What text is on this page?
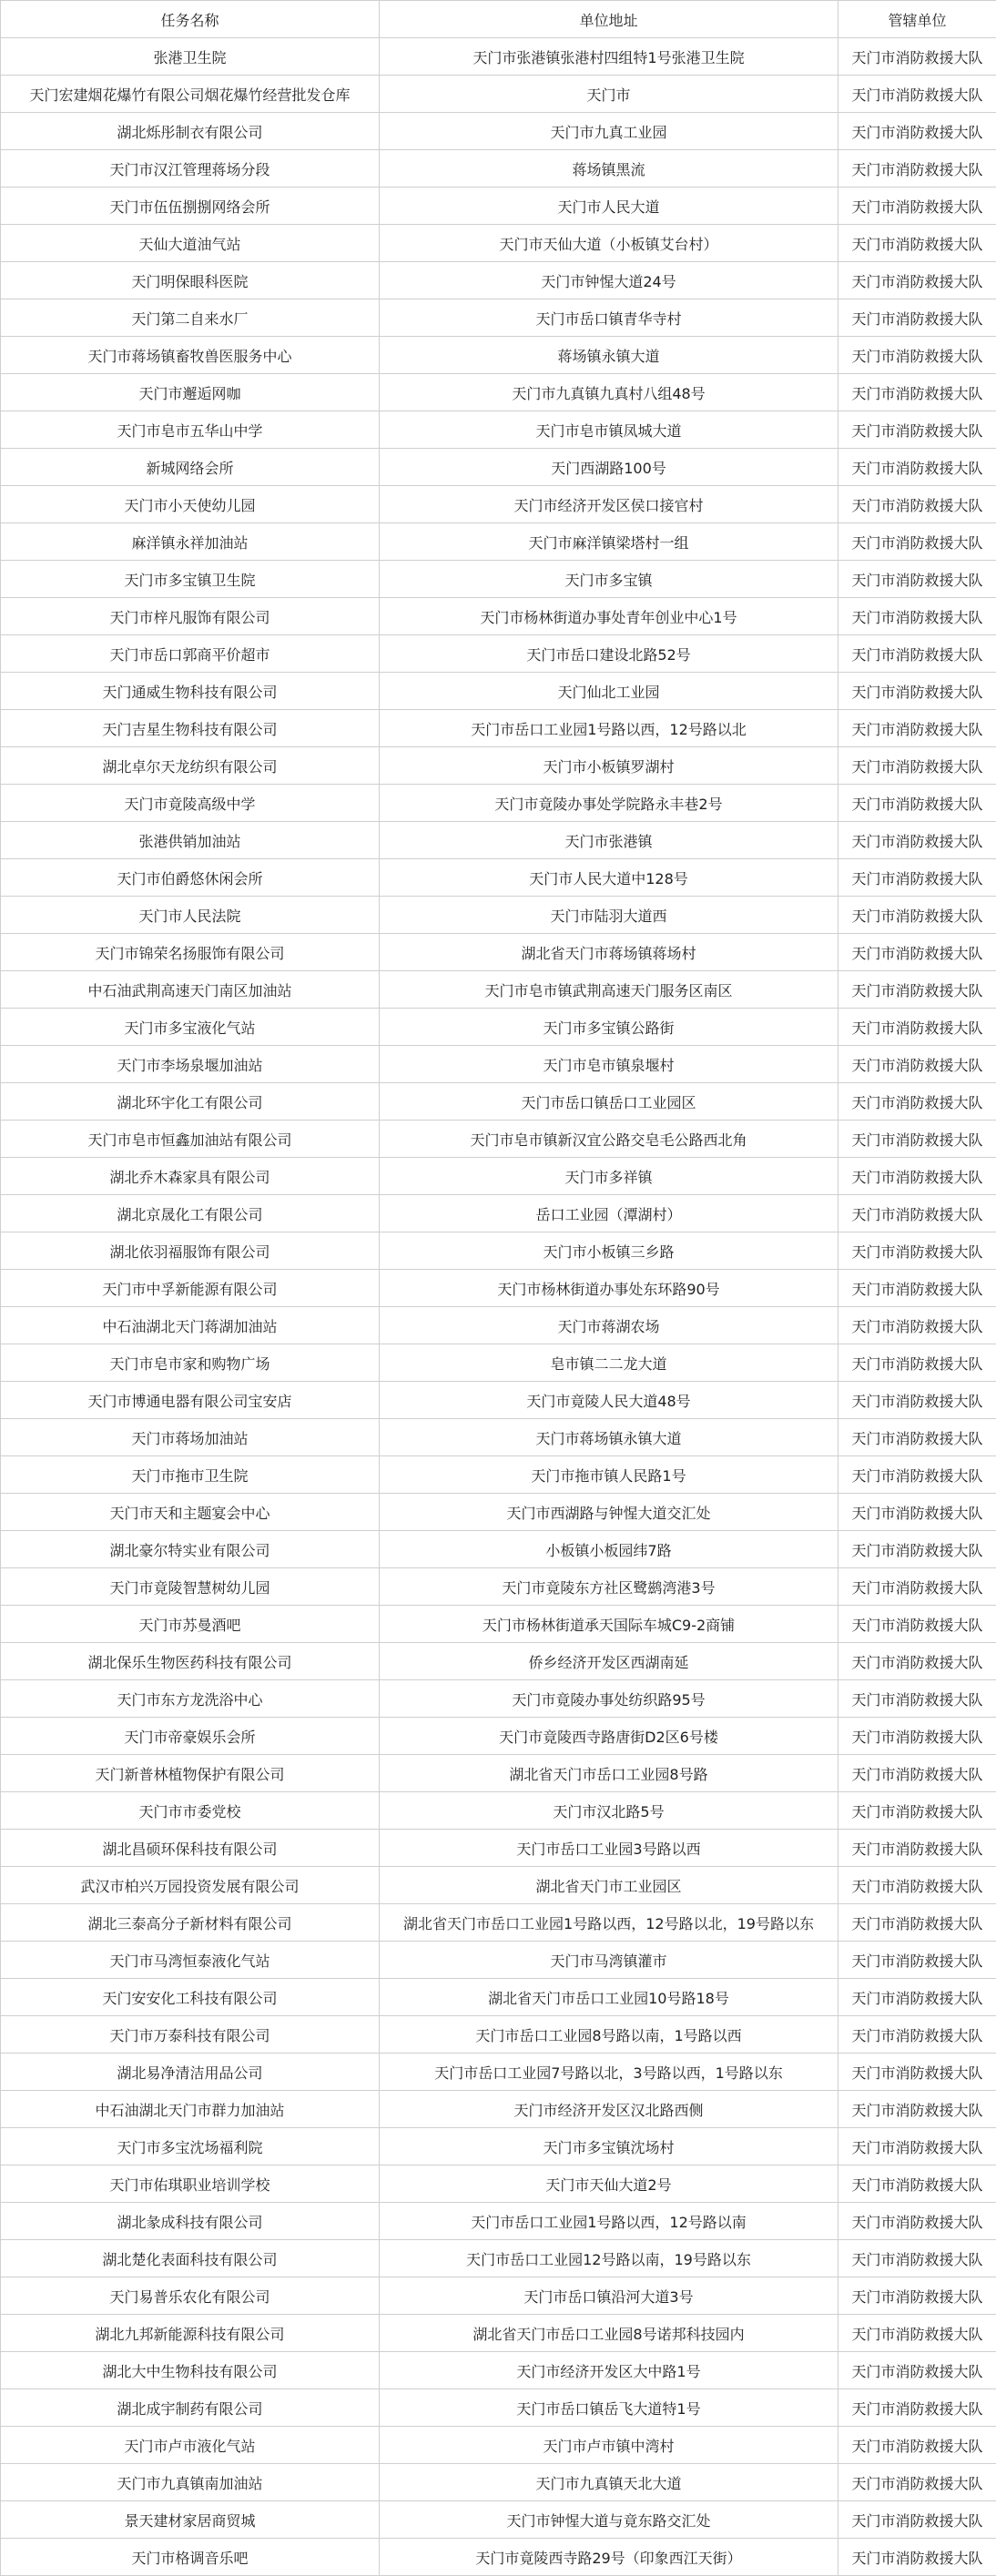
任务名称	单位地址	管辖单位
张港卫生院	天门市张港镇张港村四组特1号张港卫生院	天门市消防救援大队
天门宏建烟花爆竹有限公司烟花爆竹经营批发仓库	天门市	天门市消防救援大队
湖北烁彤制衣有限公司	天门市九真工业园	天门市消防救援大队
天门市汉江管理蒋场分段	蒋场镇黑流	天门市消防救援大队
天门市伍伍捌捌网络会所	天门市人民大道	天门市消防救援大队
天仙大道油气站	天门市天仙大道（小板镇艾台村）	天门市消防救援大队
天门明保眼科医院	天门市钟惺大道24号	天门市消防救援大队
天门第二自来水厂	天门市岳口镇青华寺村	天门市消防救援大队
天门市蒋场镇畜牧兽医服务中心	蒋场镇永镇大道	天门市消防救援大队
天门市邂逅网咖	天门市九真镇九真村八组48号	天门市消防救援大队
天门市皂市五华山中学	天门市皂市镇凤城大道	天门市消防救援大队
新城网络会所	天门西湖路100号	天门市消防救援大队
天门市小天使幼儿园	天门市经济开发区侯口接官村	天门市消防救援大队
麻洋镇永祥加油站	天门市麻洋镇梁塔村一组	天门市消防救援大队
天门市多宝镇卫生院	天门市多宝镇	天门市消防救援大队
天门市梓凡服饰有限公司	天门市杨林街道办事处青年创业中心1号	天门市消防救援大队
天门市岳口郭商平价超市	天门市岳口建设北路52号	天门市消防救援大队
天门通威生物科技有限公司	天门仙北工业园	天门市消防救援大队
天门吉星生物科技有限公司	天门市岳口工业园1号路以西，12号路以北	天门市消防救援大队
湖北卓尔天龙纺织有限公司	天门市小板镇罗湖村	天门市消防救援大队
天门市竟陵高级中学	天门市竟陵办事处学院路永丰巷2号	天门市消防救援大队
张港供销加油站	天门市张港镇	天门市消防救援大队
天门市伯爵悠休闲会所	天门市人民大道中128号	天门市消防救援大队
天门市人民法院	天门市陆羽大道西	天门市消防救援大队
天门市锦荣名扬服饰有限公司	湖北省天门市蒋场镇蒋场村	天门市消防救援大队
中石油武荆高速天门南区加油站	天门市皂市镇武荆高速天门服务区南区	天门市消防救援大队
天门市多宝液化气站	天门市多宝镇公路街	天门市消防救援大队
天门市李场泉堰加油站	天门市皂市镇泉堰村	天门市消防救援大队
湖北环宇化工有限公司	天门市岳口镇岳口工业园区	天门市消防救援大队
天门市皂市恒鑫加油站有限公司	天门市皂市镇新汉宜公路交皂毛公路西北角	天门市消防救援大队
湖北乔木森家具有限公司	天门市多祥镇	天门市消防救援大队
湖北京晟化工有限公司	岳口工业园（潭湖村）	天门市消防救援大队
湖北依羽福服饰有限公司	天门市小板镇三乡路	天门市消防救援大队
天门市中孚新能源有限公司	天门市杨林街道办事处东环路90号	天门市消防救援大队
中石油湖北天门蒋湖加油站	天门市蒋湖农场	天门市消防救援大队
天门市皂市家和购物广场	皂市镇二二龙大道	天门市消防救援大队
天门市博通电器有限公司宝安店	天门市竟陵人民大道48号	天门市消防救援大队
天门市蒋场加油站	天门市蒋场镇永镇大道	天门市消防救援大队
天门市拖市卫生院	天门市拖市镇人民路1号	天门市消防救援大队
天门市天和主题宴会中心	天门市西湖路与钟惺大道交汇处	天门市消防救援大队
湖北豪尔特实业有限公司	小板镇小板园纬7路	天门市消防救援大队
天门市竟陵智慧树幼儿园	天门市竟陵东方社区鹭鹚湾港3号	天门市消防救援大队
天门市苏曼酒吧	天门市杨林街道承天国际车城C9-2商铺	天门市消防救援大队
湖北保乐生物医药科技有限公司	侨乡经济开发区西湖南延	天门市消防救援大队
天门市东方龙洗浴中心	天门市竟陵办事处纺织路95号	天门市消防救援大队
天门市帝豪娱乐会所	天门市竟陵西寺路唐街D2区6号楼	天门市消防救援大队
天门新普林植物保护有限公司	湖北省天门市岳口工业园8号路	天门市消防救援大队
天门市市委党校	天门市汉北路5号	天门市消防救援大队
湖北昌硕环保科技有限公司	天门市岳口工业园3号路以西	天门市消防救援大队
武汉市柏兴万园投资发展有限公司	湖北省天门市工业园区	天门市消防救援大队
湖北三泰高分子新材料有限公司	湖北省天门市岳口工业园1号路以西，12号路以北，19号路以东	天门市消防救援大队
天门市马湾恒泰液化气站	天门市马湾镇灌市	天门市消防救援大队
天门安安化工科技有限公司	湖北省天门市岳口工业园10号路18号	天门市消防救援大队
天门市万泰科技有限公司	天门市岳口工业园8号路以南，1号路以西	天门市消防救援大队
湖北易净清洁用品公司	天门市岳口工业园7号路以北，3号路以西，1号路以东	天门市消防救援大队
中石油湖北天门市群力加油站	天门市经济开发区汉北路西侧	天门市消防救援大队
天门市多宝沈场福利院	天门市多宝镇沈场村	天门市消防救援大队
天门市佑琪职业培训学校	天门市天仙大道2号	天门市消防救援大队
湖北彖成科技有限公司	天门市岳口工业园1号路以西，12号路以南	天门市消防救援大队
湖北楚化表面科技有限公司	天门市岳口工业园12号路以南，19号路以东	天门市消防救援大队
天门易普乐农化有限公司	天门市岳口镇沿河大道3号	天门市消防救援大队
湖北九邦新能源科技有限公司	湖北省天门市岳口工业园8号诺邦科技园内	天门市消防救援大队
湖北大中生物科技有限公司	天门市经济开发区大中路1号	天门市消防救援大队
湖北成宇制药有限公司	天门市岳口镇岳飞大道特1号	天门市消防救援大队
天门市卢市液化气站	天门市卢市镇中湾村	天门市消防救援大队
天门市九真镇南加油站	天门市九真镇天北大道	天门市消防救援大队
景天建材家居商贸城	天门市钟惺大道与竟东路交汇处	天门市消防救援大队
天门市格调音乐吧	天门市竟陵西寺路29号（印象西江天街）	天门市消防救援大队
